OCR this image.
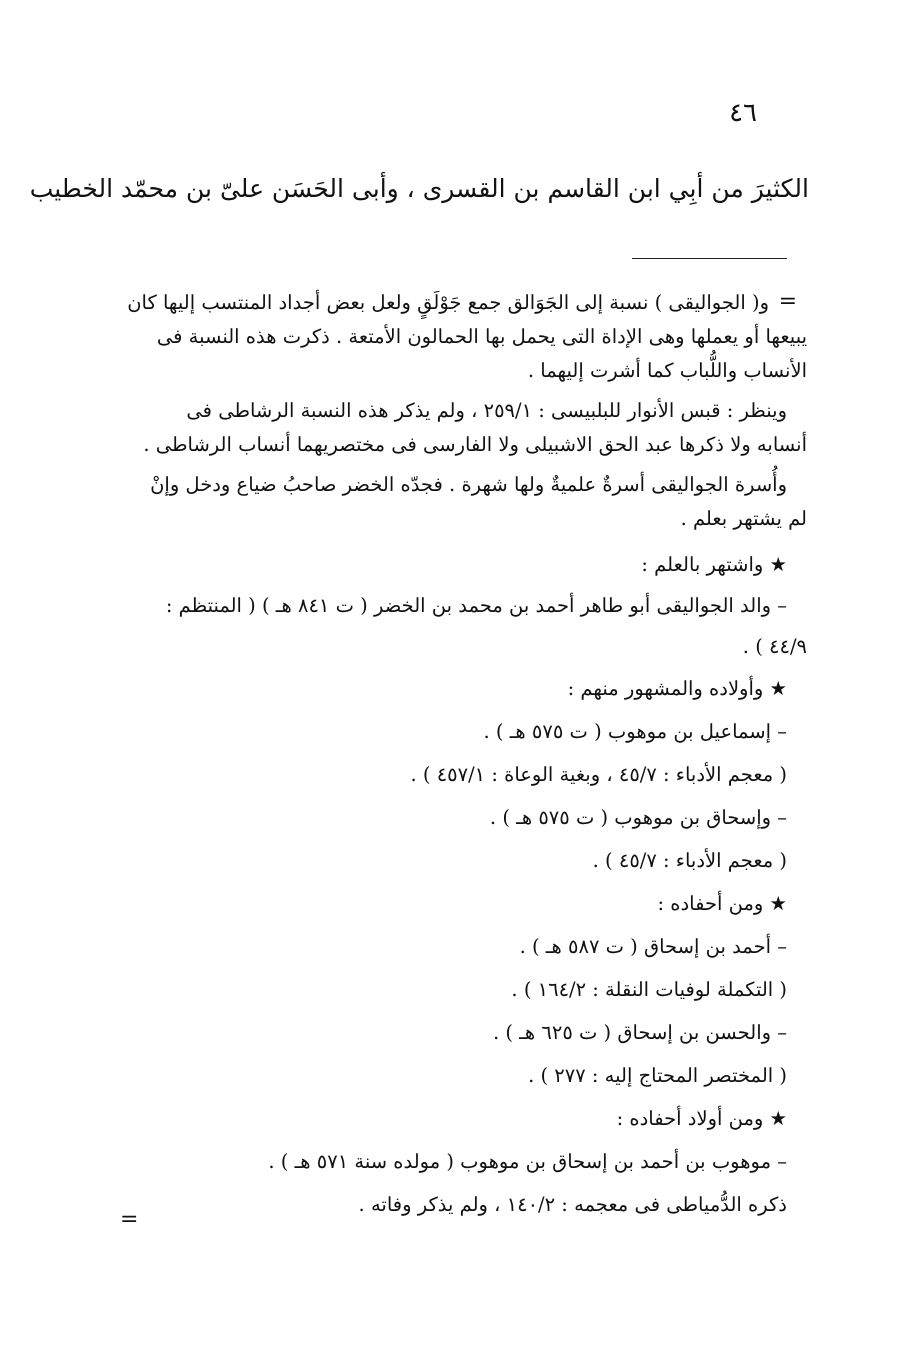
٤٦
الكثيرَ من أبِي ابن القاسم بن القسرى ، وأبى الحَسَن علىّ بن محمّد الخطيب
=

و( الجواليقى ) نسبة إلى الجَوَالق جمع جَوْلَقٍ ولعل بعض أجداد المنتسب إليها كان

يبيعها أو يعملها وهى الإداة التى يحمل بها الحمالون الأمتعة . ذكرت هذه النسبة فى

الأنساب واللُّباب كما أشرت إليهما .

وينظر : قبس الأنوار للبلبيسى : ٢٥٩/١ ، ولم يذكر هذه النسبة الرشاطى فى

أنسابه ولا ذكرها عبد الحق الاشبيلى ولا الفارسى فى مختصريهما أنساب الرشاطى .

وأُسرة الجواليقى أسرةٌ علميةٌ ولها شهرة . فجدّه الخضر صاحبُ ضياع ودخل وإنْ

لم يشتهر بعلم .

★ واشتهر بالعلم :

– والد الجواليقى أبو طاهر أحمد بن محمد بن الخضر ( ت ٨٤١ هـ ) ( المنتظم :

٤٤/٩ ) .

★ وأولاده والمشهور منهم :

– إسماعيل بن موهوب ( ت ٥٧٥ هـ ) .

( معجم الأدباء : ٤٥/٧ ، وبغية الوعاة : ٤٥٧/١ ) .

– وإسحاق بن موهوب ( ت ٥٧٥ هـ ) .

( معجم الأدباء : ٤٥/٧ ) .

★ ومن أحفاده :

– أحمد بن إسحاق ( ت ٥٨٧ هـ ) .

( التكملة لوفيات النقلة : ١٦٤/٢ ) .

– والحسن بن إسحاق ( ت ٦٢٥ هـ ) .

( المختصر المحتاج إليه : ٢٧٧ ) .

★ ومن أولاد أحفاده :

– موهوب بن أحمد بن إسحاق بن موهوب ( مولده سنة ٥٧١ هـ ) .

ذكره الدُّمياطى فى معجمه : ١٤٠/٢ ، ولم يذكر وفاته .

=
